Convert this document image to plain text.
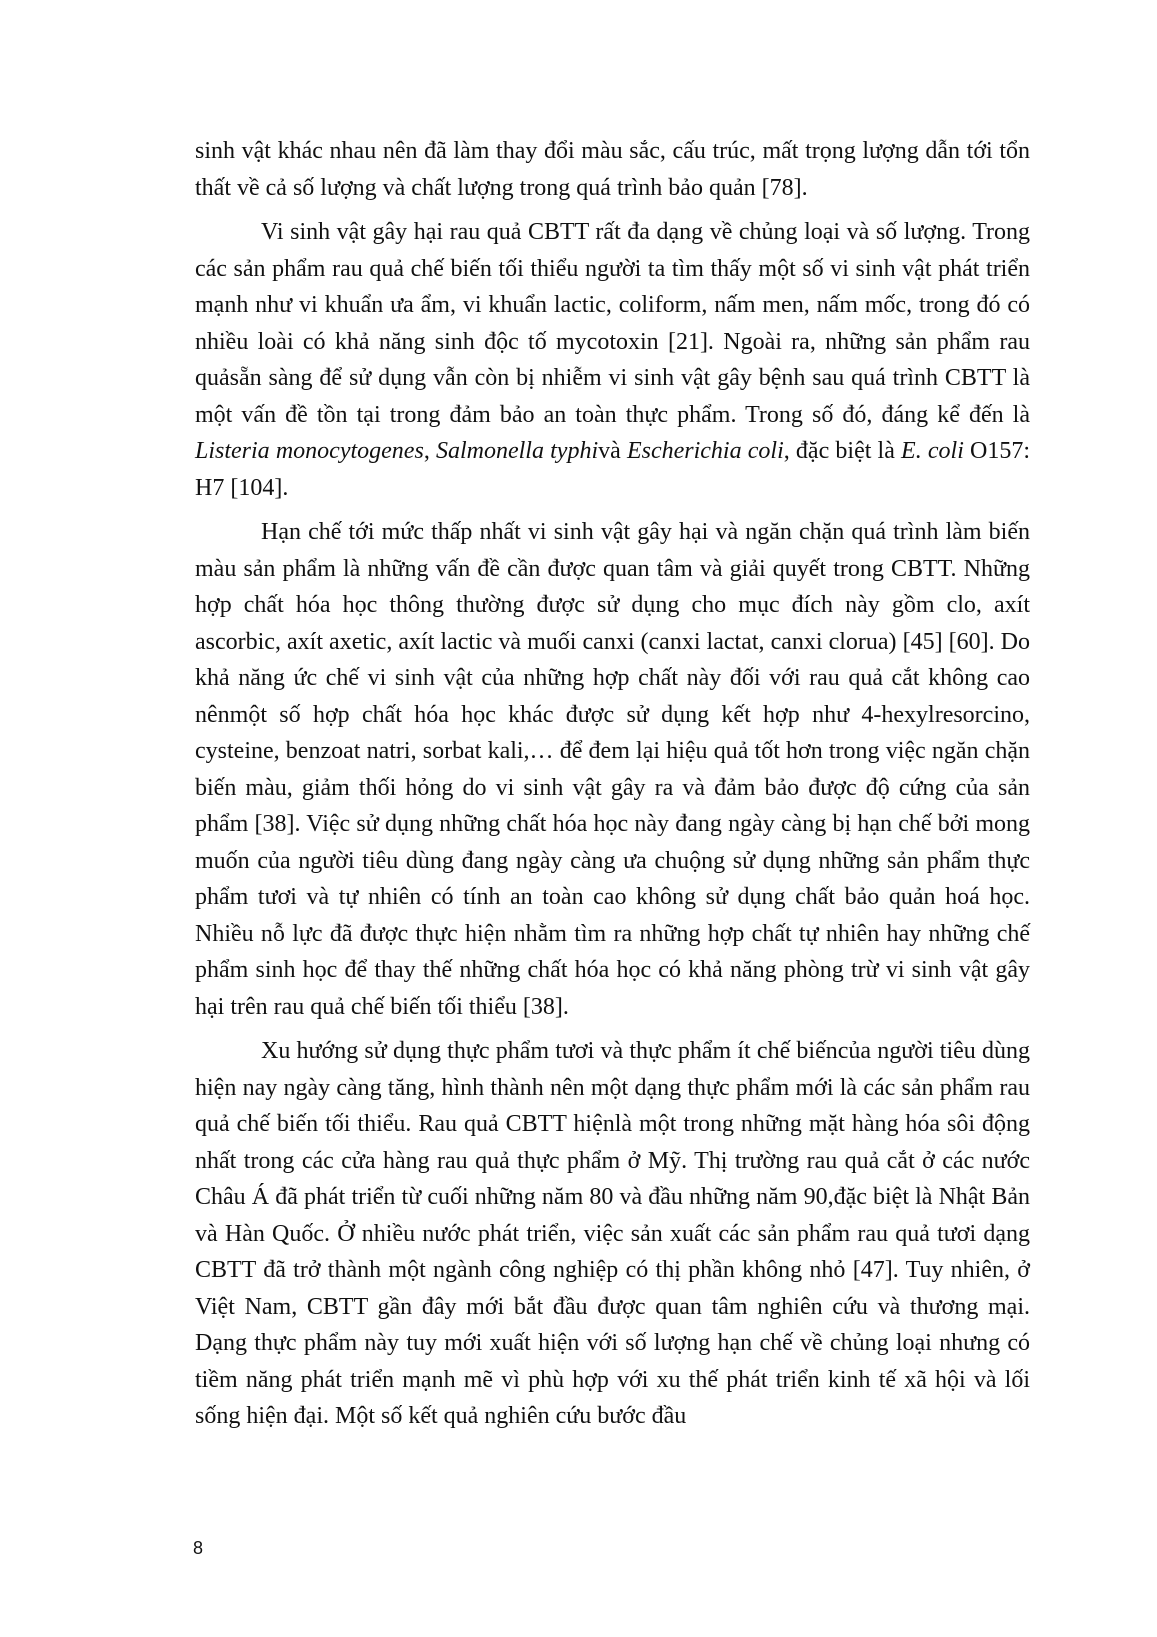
sinh vật khác nhau nên đã làm thay đổi màu sắc, cấu trúc, mất trọng lượng dẫn tới tổn thất về cả số lượng và chất lượng trong quá trình bảo quản [78].

Vi sinh vật gây hại rau quả CBTT rất đa dạng về chủng loại và số lượng. Trong các sản phẩm rau quả chế biến tối thiểu người ta tìm thấy một số vi sinh vật phát triển mạnh như vi khuẩn ưa ẩm, vi khuẩn lactic, coliform, nấm men, nấm mốc, trong đó có nhiều loài có khả năng sinh độc tố mycotoxin [21]. Ngoài ra, những sản phẩm rau quảsẵn sàng để sử dụng vẫn còn bị nhiễm vi sinh vật gây bệnh sau quá trình CBTT là một vấn đề tồn tại trong đảm bảo an toàn thực phẩm. Trong số đó, đáng kể đến là Listeria monocytogenes, Salmonella typhivà Escherichia coli, đặc biệt là E. coli O157: H7 [104].

Hạn chế tới mức thấp nhất vi sinh vật gây hại và ngăn chặn quá trình làm biến màu sản phẩm là những vấn đề cần được quan tâm và giải quyết trong CBTT. Những hợp chất hóa học thông thường được sử dụng cho mục đích này gồm clo, axít ascorbic, axít axetic, axít lactic và muối canxi (canxi lactat, canxi clorua) [45] [60]. Do khả năng ức chế vi sinh vật của những hợp chất này đối với rau quả cắt không cao nênmột số hợp chất hóa học khác được sử dụng kết hợp như 4-hexylresorcino, cysteine, benzoat natri, sorbat kali,… để đem lại hiệu quả tốt hơn trong việc ngăn chặn biến màu, giảm thối hỏng do vi sinh vật gây ra và đảm bảo được độ cứng của sản phẩm [38]. Việc sử dụng những chất hóa học này đang ngày càng bị hạn chế bởi mong muốn của người tiêu dùng đang ngày càng ưa chuộng sử dụng những sản phẩm thực phẩm tươi và tự nhiên có tính an toàn cao không sử dụng chất bảo quản hoá học. Nhiều nỗ lực đã được thực hiện nhằm tìm ra những hợp chất tự nhiên hay những chế phẩm sinh học để thay thế những chất hóa học có khả năng phòng trừ vi sinh vật gây hại trên rau quả chế biến tối thiểu [38].

Xu hướng sử dụng thực phẩm tươi và thực phẩm ít chế biếncủa người tiêu dùng hiện nay ngày càng tăng, hình thành nên một dạng thực phẩm mới là các sản phẩm rau quả chế biến tối thiểu. Rau quả CBTT hiệnlà một trong những mặt hàng hóa sôi động nhất trong các cửa hàng rau quả thực phẩm ở Mỹ. Thị trường rau quả cắt ở các nước Châu Á đã phát triển từ cuối những năm 80 và đầu những năm 90,đặc biệt là Nhật Bản và Hàn Quốc. Ở nhiều nước phát triển, việc sản xuất các sản phẩm rau quả tươi dạng CBTT đã trở thành một ngành công nghiệp có thị phần không nhỏ [47]. Tuy nhiên, ở Việt Nam, CBTT gần đây mới bắt đầu được quan tâm nghiên cứu và thương mại. Dạng thực phẩm này tuy mới xuất hiện với số lượng hạn chế về chủng loại nhưng có tiềm năng phát triển mạnh mẽ vì phù hợp với xu thế phát triển kinh tế xã hội và lối sống hiện đại. Một số kết quả nghiên cứu bước đầu

8
